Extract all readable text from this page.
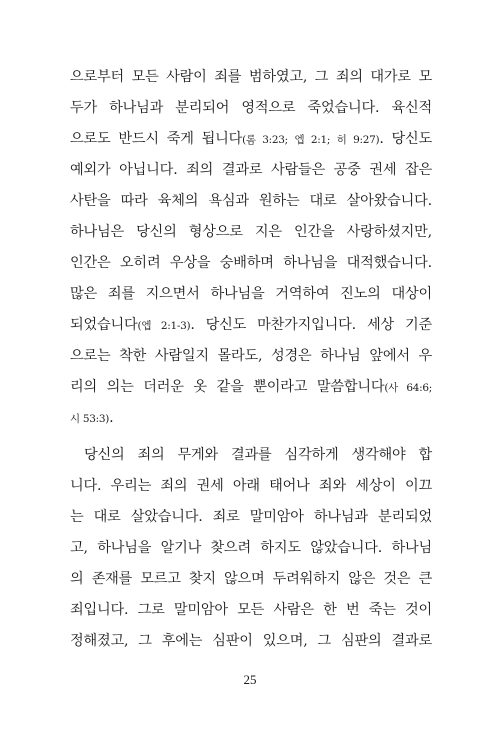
으로부터 모든 사람이 죄를 범하였고, 그 죄의 대가로 모
두가 하나님과 분리되어 영적으로 죽었습니다. 육신적
으로도 반드시 죽게 됩니다(롬 3:23; 엡 2:1; 히 9:27). 당신도
예외가 아닙니다. 죄의 결과로 사람들은 공중 권세 잡은
사탄을 따라 육체의 욕심과 원하는 대로 살아왔습니다.
하나님은 당신의 형상으로 지은 인간을 사랑하셨지만,
인간은 오히려 우상을 숭배하며 하나님을 대적했습니다.
많은 죄를 지으면서 하나님을 거역하여 진노의 대상이
되었습니다(엡 2:1-3). 당신도 마찬가지입니다. 세상 기준
으로는 착한 사람일지 몰라도, 성경은 하나님 앞에서 우
리의 의는 더러운 옷 같을 뿐이라고 말씀합니다(사 64:6;
시 53:3).
당신의 죄의 무게와 결과를 심각하게 생각해야 합
니다. 우리는 죄의 권세 아래 태어나 죄와 세상이 이끄
는 대로 살았습니다. 죄로 말미암아 하나님과 분리되었
고, 하나님을 알기나 찾으려 하지도 않았습니다. 하나님
의 존재를 모르고 찾지 않으며 두려워하지 않은 것은 큰
죄입니다. 그로 말미암아 모든 사람은 한 번 죽는 것이
정해졌고, 그 후에는 심판이 있으며, 그 심판의 결과로
25
